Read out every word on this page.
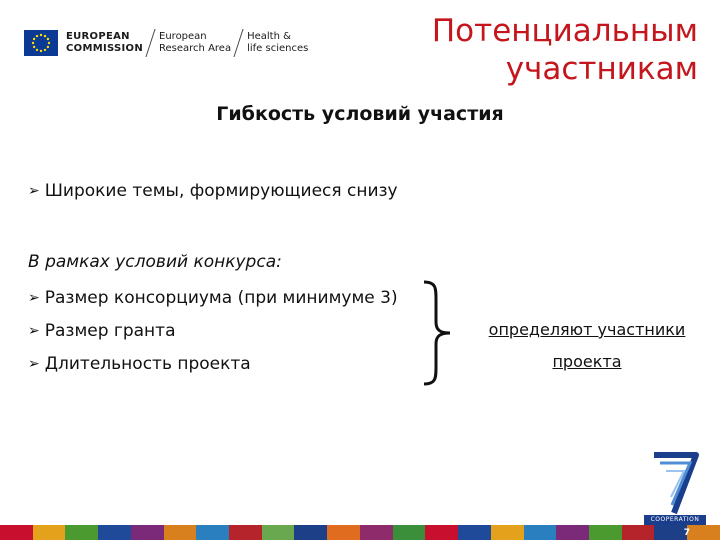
EUROPEAN
COMMISSION
European
Research Area
Health &
life sciences	Потенциальным
участникам
Гибкость условий участия
➢ Широкие темы, формирующиеся снизу
В рамках условий конкурса:
➢ Размер консорциума (при минимуме 3)
➢ Размер гранта
➢ Длительность проекта
определяют участники
проекта
COOPERATION
7
